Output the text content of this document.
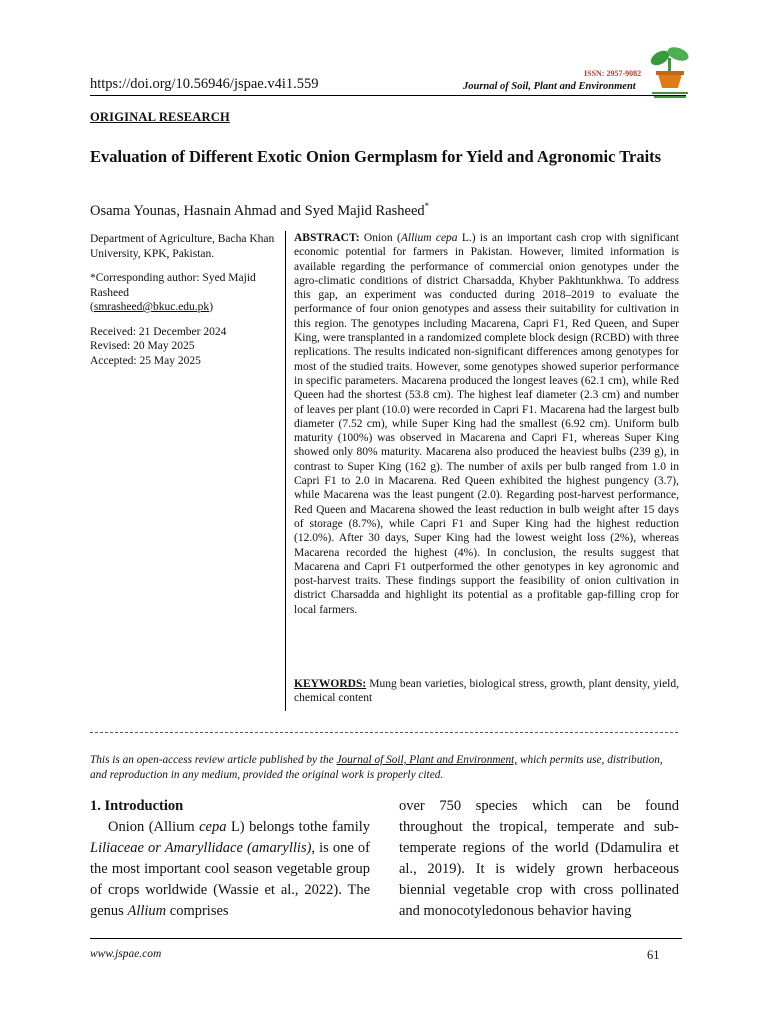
https://doi.org/10.56946/jspae.v4i1.559
ISSN: 2957-9082
Journal of Soil, Plant and Environment
ORIGINAL RESEARCH
Evaluation of Different Exotic Onion Germplasm for Yield and Agronomic Traits
Osama Younas, Hasnain Ahmad and Syed Majid Rasheed*

Department of Agriculture, Bacha Khan University, KPK, Pakistan.

*Corresponding author: Syed Majid Rasheed
(smrasheed@bkuc.edu.pk)

Received: 21 December 2024
Revised: 20 May 2025
Accepted: 25 May 2025

ABSTRACT: Onion (Allium cepa L.) is an important cash crop with significant economic potential for farmers in Pakistan. However, limited information is available regarding the performance of commercial onion genotypes under the agro-climatic conditions of district Charsadda, Khyber Pakhtunkhwa. To address this gap, an experiment was conducted during 2018–2019 to evaluate the performance of four onion genotypes and assess their suitability for cultivation in this region. The genotypes including Macarena, Capri F1, Red Queen, and Super King, were transplanted in a randomized complete block design (RCBD) with three replications. The results indicated non-significant differences among genotypes for most of the studied traits. However, some genotypes showed superior performance in specific parameters. Macarena produced the longest leaves (62.1 cm), while Red Queen had the shortest (53.8 cm). The highest leaf diameter (2.3 cm) and number of leaves per plant (10.0) were recorded in Capri F1. Macarena had the largest bulb diameter (7.52 cm), while Super King had the smallest (6.92 cm). Uniform bulb maturity (100%) was observed in Macarena and Capri F1, whereas Super King showed only 80% maturity. Macarena also produced the heaviest bulbs (239 g), in contrast to Super King (162 g). The number of axils per bulb ranged from 1.0 in Capri F1 to 2.0 in Macarena. Red Queen exhibited the highest pungency (3.7), while Macarena was the least pungent (2.0). Regarding post-harvest performance, Red Queen and Macarena showed the least reduction in bulb weight after 15 days of storage (8.7%), while Capri F1 and Super King had the highest reduction (12.0%). After 30 days, Super King had the lowest weight loss (2%), whereas Macarena recorded the highest (4%). In conclusion, the results suggest that Macarena and Capri F1 outperformed the other genotypes in key agronomic and post-harvest traits. These findings support the feasibility of onion cultivation in district Charsadda and highlight its potential as a profitable gap-filling crop for local farmers.
KEYWORDS: Mung bean varieties, biological stress, growth, plant density, yield, chemical content
This is an open-access review article published by the Journal of Soil, Plant and Environment, which permits use, distribution, and reproduction in any medium, provided the original work is properly cited.
1. Introduction

Onion (Allium cepa L) belongs tothe family Liliaceae or Amaryllidace (amaryllis), is one of the most important cool season vegetable group of crops worldwide (Wassie et al., 2022). The genus Allium comprises

over 750 species which can be found throughout the tropical, temperate and sub-temperate regions of the world (Ddamulira et al., 2019). It is widely grown herbaceous biennial vegetable crop with cross pollinated and monocotyledonous behavior having

www.jspae.com	61
